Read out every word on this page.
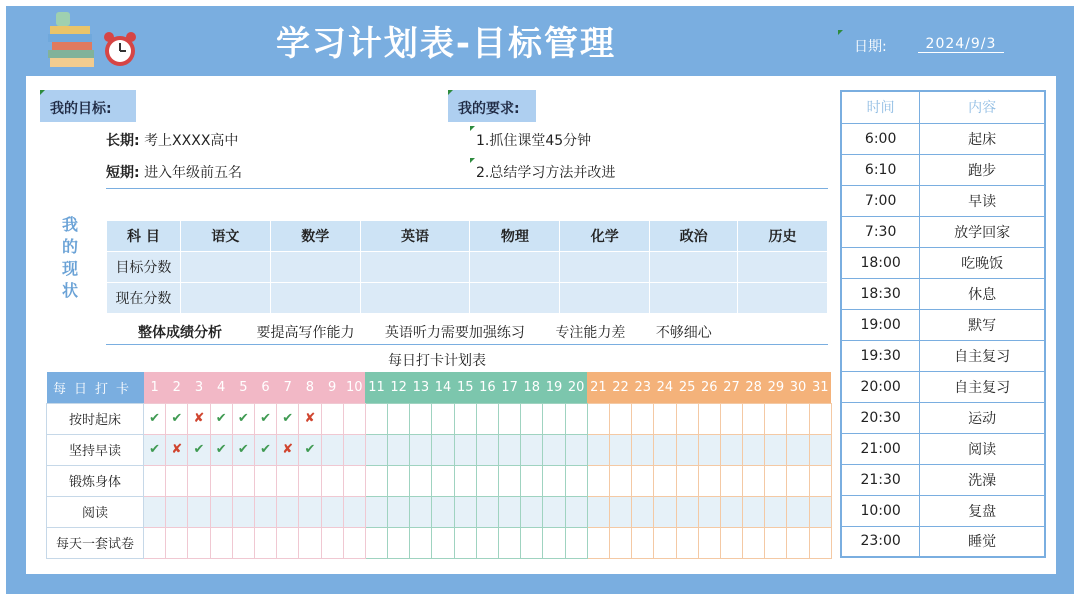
学习计划表-目标管理	日期:	2024/9/3
我的目标:
长期: 考上XXXX高中
短期: 进入年级前五名
我的要求:
1.抓住课堂45分钟
2.总结学习方法并改进
我
的
现
状
科 目	语文	数学	英语	物理	化学	政治	历史
目标分数							
现在分数							
整体成绩分析 要提高写作能力 英语听力需要加强练习 专注能力差 不够细心
每日打卡计划表
每日打卡	1	2	3	4	5	6	7	8	9	10	11	12	13	14	15	16	17	18	19	20	21	22	23	24	25	26	27	28	29	30	31
按时起床	✔	✔	✘	✔	✔	✔	✔	✘																							
坚持早读	✔	✘	✔	✔	✔	✔	✘	✔																							
锻炼身体																															
阅读																															
每天一套试卷																															
时间	内容
6:00	起床
6:10	跑步
7:00	早读
7:30	放学回家
18:00	吃晚饭
18:30	休息
19:00	默写
19:30	自主复习
20:00	自主复习
20:30	运动
21:00	阅读
21:30	洗澡
10:00	复盘
23:00	睡觉
